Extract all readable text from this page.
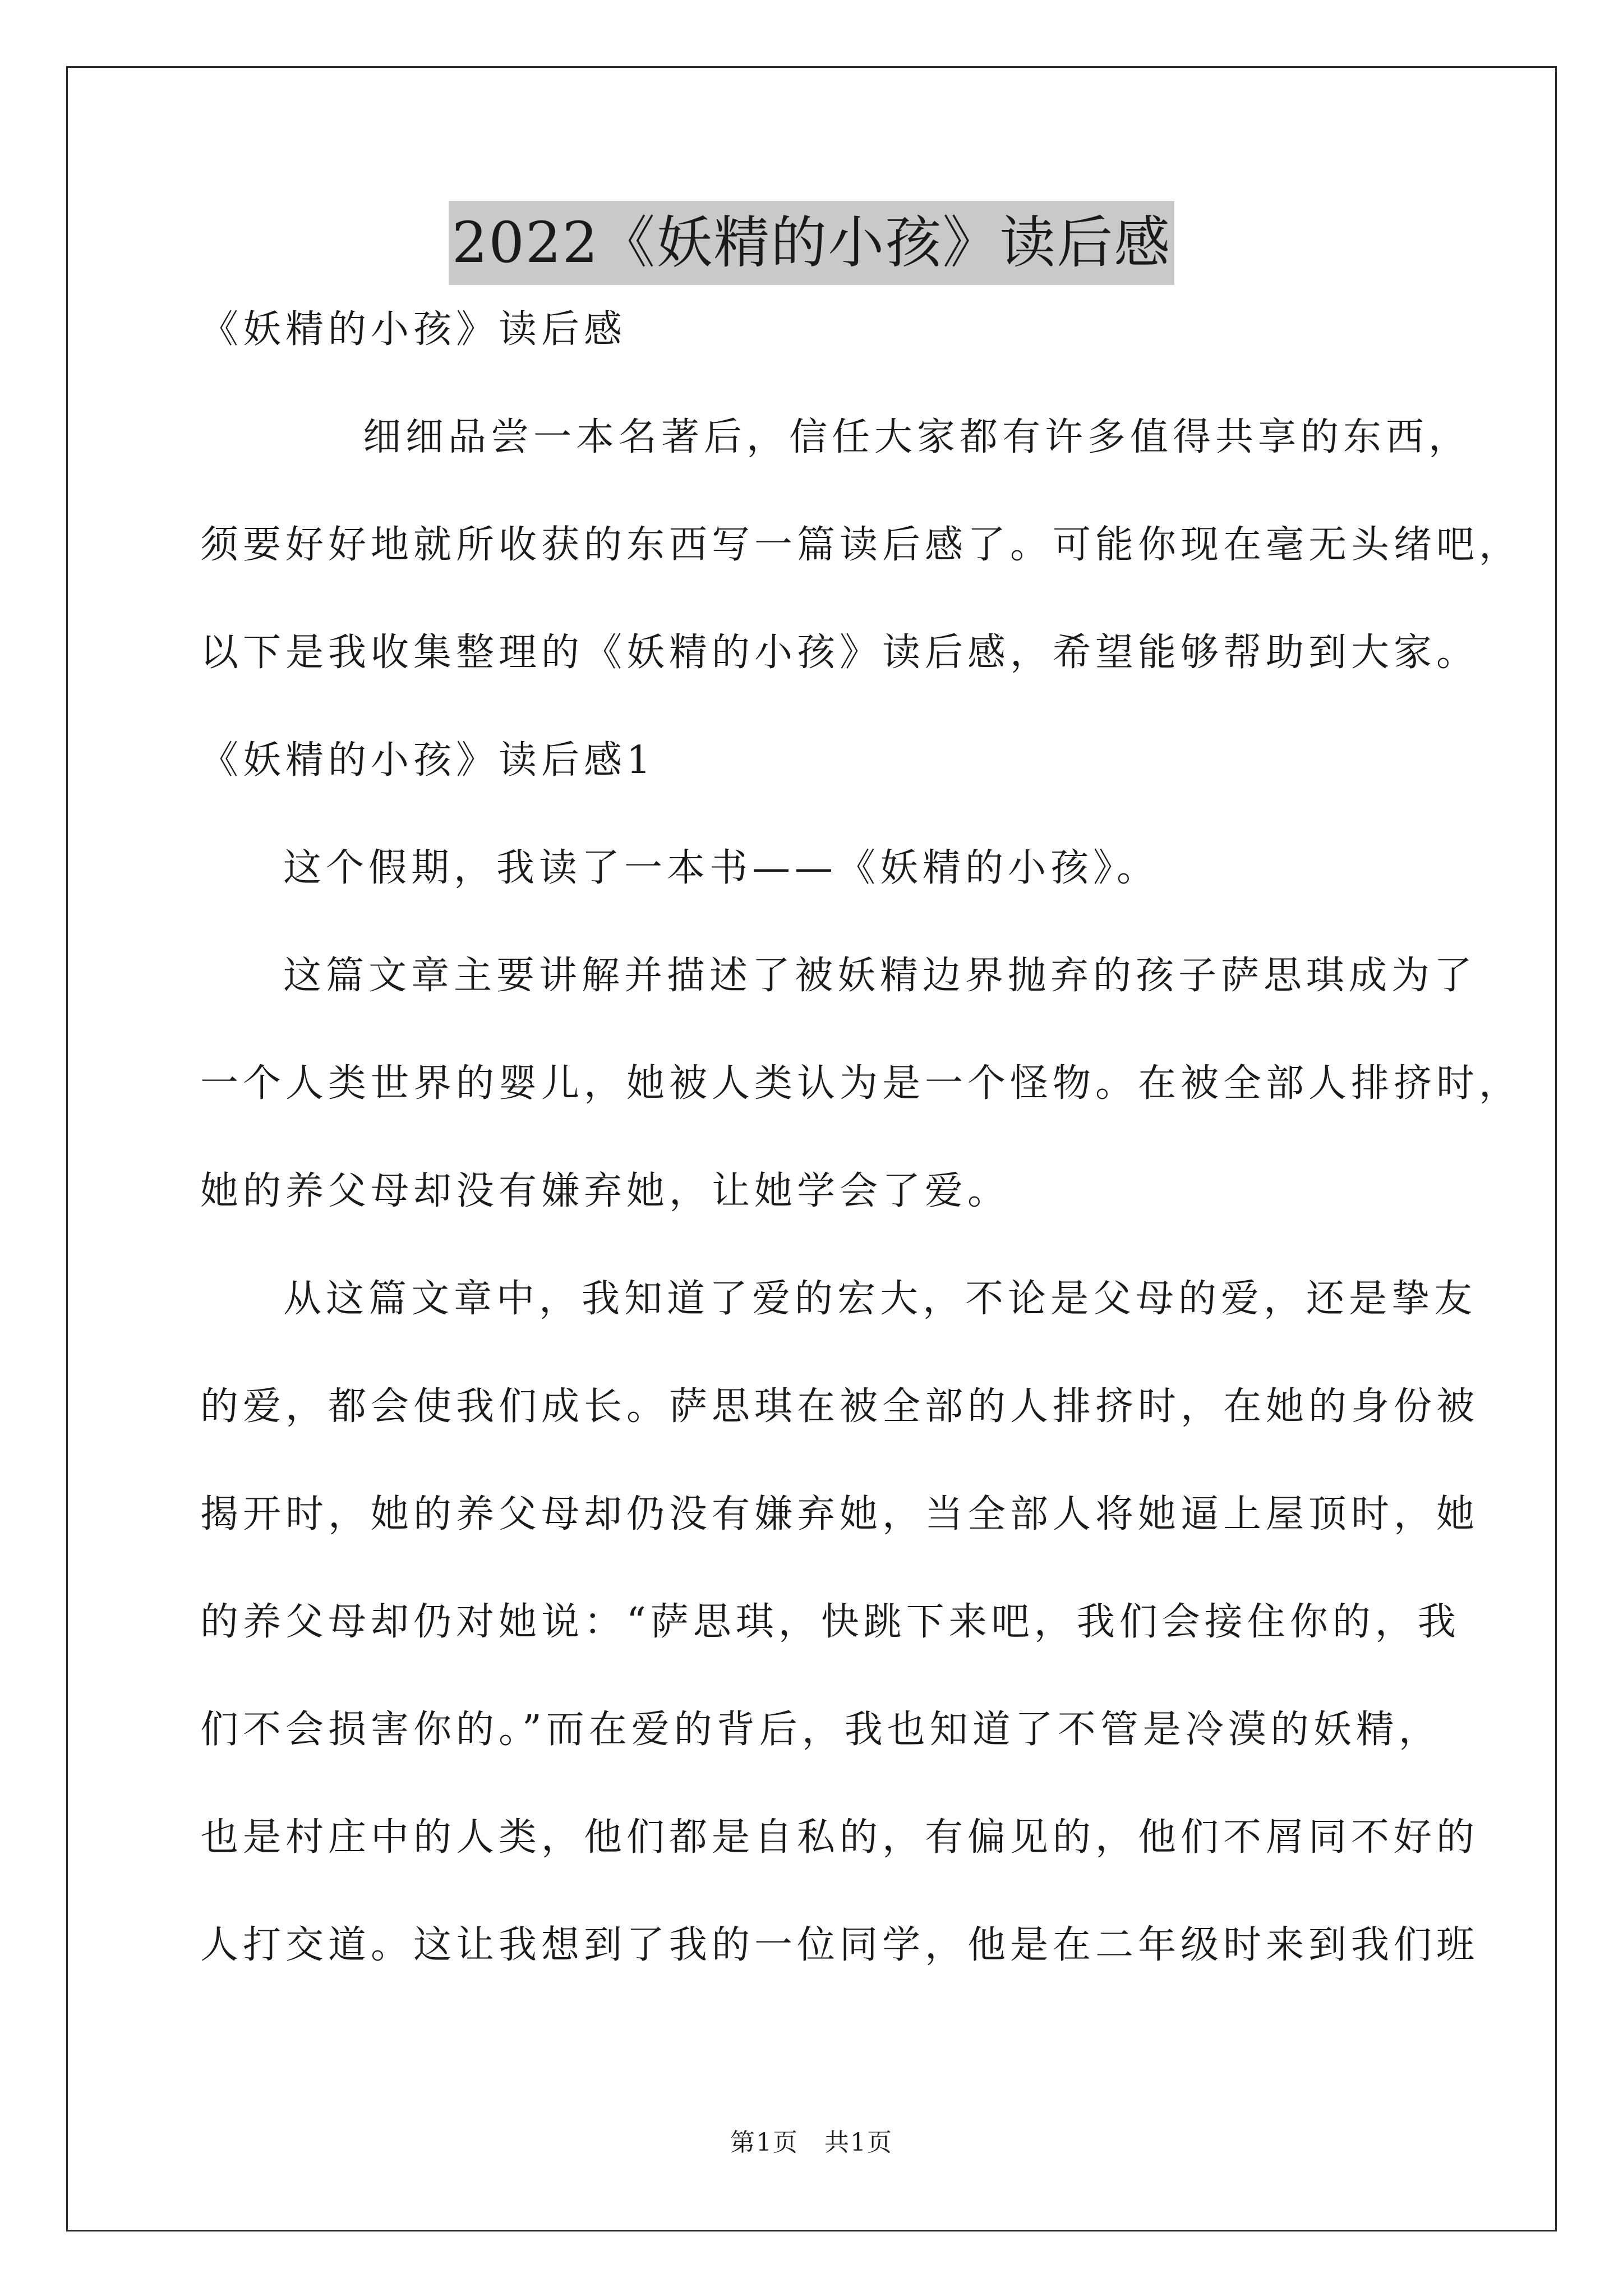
2022《妖精的小孩》读后感
《妖精的小孩》读后感
细细品尝一本名著后，信任大家都有许多值得共享的东西，
须要好好地就所收获的东西写一篇读后感了。可能你现在毫无头绪吧，
以下是我收集整理的《妖精的小孩》读后感，希望能够帮助到大家。
《妖精的小孩》读后感1
这个假期，我读了一本书——《妖精的小孩》。
这篇文章主要讲解并描述了被妖精边界抛弃的孩子萨思琪成为了
一个人类世界的婴儿，她被人类认为是一个怪物。在被全部人排挤时，
她的养父母却没有嫌弃她，让她学会了爱。
从这篇文章中，我知道了爱的宏大，不论是父母的爱，还是挚友
的爱，都会使我们成长。萨思琪在被全部的人排挤时，在她的身份被
揭开时，她的养父母却仍没有嫌弃她，当全部人将她逼上屋顶时，她
的养父母却仍对她说：“萨思琪，快跳下来吧，我们会接住你的，我
们不会损害你的。”而在爱的背后，我也知道了不管是冷漠的妖精，
也是村庄中的人类，他们都是自私的，有偏见的，他们不屑同不好的
人打交道。这让我想到了我的一位同学，他是在二年级时来到我们班
第1页　共1页
